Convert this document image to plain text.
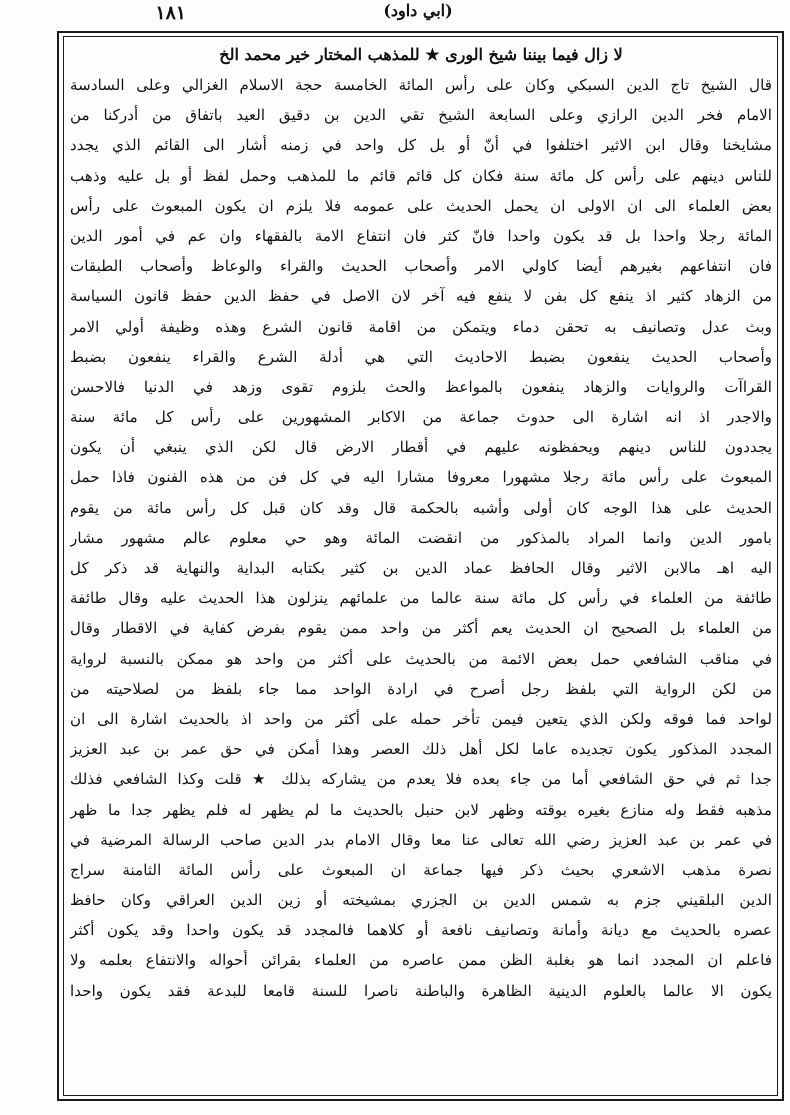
١٨١	(ابي داود)
لا زال فيما بيننا شيخ الورى ★ للمذهب المختار خير محمد الخ
قال الشيخ تاج الدين السبكي وكان على رأس المائة الخامسة حجة الاسلام الغزالي وعلى السادسة
الامام فخر الدين الرازي وعلى السابعة الشيخ تقي الدين بن دقيق العيد باتفاق من أدركنا من
مشايخنا وقال ابن الاثير اختلفوا في أنّ أو بل كل واحد في زمنه أشار الى القائم الذي يجدد
للناس دينهم على رأس كل مائة سنة فكان كل قائم قائم ما للمذهب وحمل لفظ أو بل عليه وذهب
بعض العلماء الى ان الاولى ان يحمل الحديث على عمومه فلا يلزم ان يكون المبعوث على رأس
المائة رجلا واحدا بل قد يكون واحدا فانّ كثر فان انتفاع الامة بالفقهاء وان عم في أمور الدين
فان انتفاعهم بغيرهم أيضا كاولي الامر وأصحاب الحديث والقراء والوعاظ وأصحاب الطبقات
من الزهاد كثير اذ ينفع كل بفن لا ينفع فيه آخر لان الاصل في حفظ الدين حفظ قانون السياسة
وبث عدل وتصانيف به تحقن دماء ويتمكن من اقامة قانون الشرع وهذه وظيفة أولي الامر
وأصحاب الحديث ينفعون بضبط الاحاديث التي هي أدلة الشرع والقراء ينفعون بضبط
القراآت والروايات والزهاد ينفعون بالمواعظ والحث بلزوم تقوى وزهد في الدنيا فالاحسن
والاجدر اذ انه اشارة الى حدوث جماعة من الاكابر المشهورين على رأس كل مائة سنة
يجددون للناس دينهم ويحفظونه عليهم في أقطار الارض قال لكن الذي ينبغي أن يكون
المبعوث على رأس مائة رجلا مشهورا معروفا مشارا اليه في كل فن من هذه الفنون فاذا حمل
الحديث على هذا الوجه كان أولى وأشبه بالحكمة قال وقد كان قبل كل رأس مائة من يقوم
بامور الدين وانما المراد بالمذكور من انقضت المائة وهو حي معلوم عالم مشهور مشار
اليه اهـ مالابن الاثير وقال الحافظ عماد الدين بن كثير بكتابه البداية والنهاية قد ذكر كل
طائفة من العلماء في رأس كل مائة سنة عالما من علمائهم ينزلون هذا الحديث عليه وقال طائفة
من العلماء بل الصحيح ان الحديث يعم أكثر من واحد ممن يقوم بفرض كفاية في الاقطار وقال
في مناقب الشافعي حمل بعض الائمة من بالحديث على أكثر من واحد هو ممكن بالنسبة لرواية
من لكن الرواية التي بلفظ رجل أصرح في ارادة الواحد مما جاء بلفظ من لصلاحيته من
لواحد فما فوقه ولكن الذي يتعين فيمن تأخر حمله على أكثر من واحد اذ بالحديث اشارة الى ان
المجدد المذكور يكون تجديده عاما لكل أهل ذلك العصر وهذا أمكن في حق عمر بن عبد العزيز
جدا ثم في حق الشافعي أما من جاء بعده فلا يعدم من يشاركه بذلك ★ قلت وكذا الشافعي فذلك
مذهبه فقط وله منازع بغيره بوقته وظهر لابن حنبل بالحديث ما لم يظهر له فلم يظهر جدا ما ظهر
في عمر بن عبد العزيز رضي الله تعالى عنا معا وقال الامام بدر الدين صاحب الرسالة المرضية في
نصرة مذهب الاشعري بحيث ذكر فيها جماعة ان المبعوث على رأس المائة الثامنة سراج
الدين البلقيني جزم به شمس الدين بن الجزري بمشيخته أو زين الدين العراقي وكان حافظ
عصره بالحديث مع ديانة وأمانة وتصانيف نافعة أو كلاهما فالمجدد قد يكون واحدا وقد يكون أكثر
فاعلم ان المجدد انما هو بغلبة الظن ممن عاصره من العلماء بقرائن أحواله والانتفاع بعلمه ولا
يكون الا عالما بالعلوم الدينية الظاهرة والباطنة ناصرا للسنة قامعا للبدعة فقد يكون واحدا
